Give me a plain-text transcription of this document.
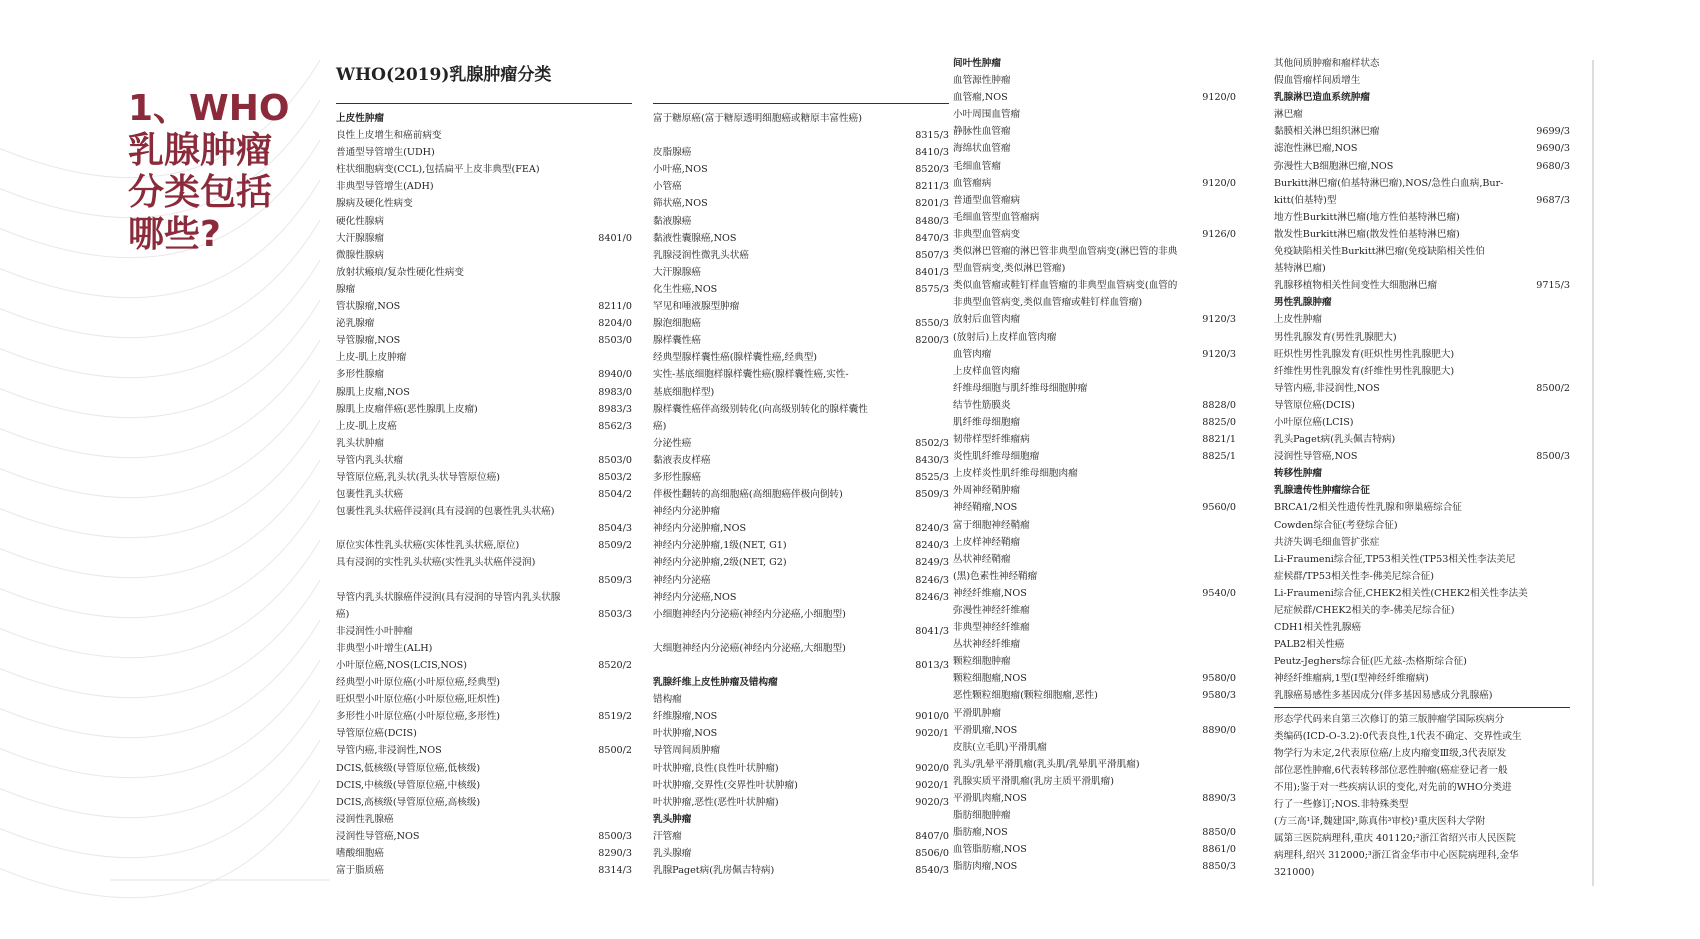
1、WHO
乳腺肿瘤
分类包括
哪些?
WHO(2019)乳腺肿瘤分类
上皮性肿瘤
良性上皮增生和癌前病变
普通型导管增生(UDH)
柱状细胞病变(CCL),包括扁平上皮非典型(FEA)
非典型导管增生(ADH)
腺病及硬化性病变
硬化性腺病
大汗腺腺瘤	8401/0
微腺性腺病
放射状瘢痕/复杂性硬化性病变
腺瘤
管状腺瘤,NOS	8211/0
泌乳腺瘤	8204/0
导管腺瘤,NOS	8503/0
上皮-肌上皮肿瘤
多形性腺瘤	8940/0
腺肌上皮瘤,NOS	8983/0
腺肌上皮瘤伴癌(恶性腺肌上皮瘤)	8983/3
上皮-肌上皮癌	8562/3
乳头状肿瘤
导管内乳头状瘤	8503/0
导管原位癌,乳头状(乳头状导管原位癌)	8503/2
包裹性乳头状癌	8504/2
包裹性乳头状癌伴浸润(具有浸润的包裹性乳头状癌)
8504/3
原位实体性乳头状癌(实体性乳头状癌,原位)	8509/2
具有浸润的实性乳头状癌(实性乳头状癌伴浸润)
8509/3
导管内乳头状腺癌伴浸润(具有浸润的导管内乳头状腺
癌)	8503/3
非浸润性小叶肿瘤
非典型小叶增生(ALH)
小叶原位癌,NOS(LCIS,NOS)	8520/2
经典型小叶原位癌(小叶原位癌,经典型)
旺炽型小叶原位癌(小叶原位癌,旺炽性)
多形性小叶原位癌(小叶原位癌,多形性)	8519/2
导管原位癌(DCIS)
导管内癌,非浸润性,NOS	8500/2
DCIS,低核级(导管原位癌,低核级)
DCIS,中核级(导管原位癌,中核级)
DCIS,高核级(导管原位癌,高核级)
浸润性乳腺癌
浸润性导管癌,NOS	8500/3
嗜酸细胞癌	8290/3
富于脂质癌	8314/3
富于糖原癌(富于糖原透明细胞癌或糖原丰富性癌)
8315/3
皮脂腺癌	8410/3
小叶癌,NOS	8520/3
小管癌	8211/3
筛状癌,NOS	8201/3
黏液腺癌	8480/3
黏液性囊腺癌,NOS	8470/3
乳腺浸润性微乳头状癌	8507/3
大汗腺腺癌	8401/3
化生性癌,NOS	8575/3
罕见和唾液腺型肿瘤
腺泡细胞癌	8550/3
腺样囊性癌	8200/3
经典型腺样囊性癌(腺样囊性癌,经典型)
实性-基底细胞样腺样囊性癌(腺样囊性癌,实性-
基底细胞样型)
腺样囊性癌伴高级别转化(向高级别转化的腺样囊性
癌)
分泌性癌	8502/3
黏液表皮样癌	8430/3
多形性腺癌	8525/3
伴极性翻转的高细胞癌(高细胞癌伴极向倒转)	8509/3
神经内分泌肿瘤
神经内分泌肿瘤,NOS	8240/3
神经内分泌肿瘤,1级(NET, G1)	8240/3
神经内分泌肿瘤,2级(NET, G2)	8249/3
神经内分泌癌	8246/3
神经内分泌癌,NOS	8246/3
小细胞神经内分泌癌(神经内分泌癌,小细胞型)
8041/3
大细胞神经内分泌癌(神经内分泌癌,大细胞型)
8013/3
乳腺纤维上皮性肿瘤及错构瘤
错构瘤
纤维腺瘤,NOS	9010/0
叶状肿瘤,NOS	9020/1
导管周间质肿瘤
叶状肿瘤,良性(良性叶状肿瘤)	9020/0
叶状肿瘤,交界性(交界性叶状肿瘤)	9020/1
叶状肿瘤,恶性(恶性叶状肿瘤)	9020/3
乳头肿瘤
汗管瘤	8407/0
乳头腺瘤	8506/0
乳腺Paget病(乳房佩吉特病)	8540/3
间叶性肿瘤
血管源性肿瘤
血管瘤,NOS	9120/0
小叶周围血管瘤
静脉性血管瘤
海绵状血管瘤
毛细血管瘤
血管瘤病	9120/0
普通型血管瘤病
毛细血管型血管瘤病
非典型血管病变	9126/0
类似淋巴管瘤的淋巴管非典型血管病变(淋巴管的非典
型血管病变,类似淋巴管瘤)
类似血管瘤或鞋钉样血管瘤的非典型血管病变(血管的
非典型血管病变,类似血管瘤或鞋钉样血管瘤)
放射后血管肉瘤	9120/3
(放射后)上皮样血管肉瘤
血管肉瘤	9120/3
上皮样血管肉瘤
纤维母细胞与肌纤维母细胞肿瘤
结节性筋膜炎	8828/0
肌纤维母细胞瘤	8825/0
韧带样型纤维瘤病	8821/1
炎性肌纤维母细胞瘤	8825/1
上皮样炎性肌纤维母细胞肉瘤
外周神经鞘肿瘤
神经鞘瘤,NOS	9560/0
富于细胞神经鞘瘤
上皮样神经鞘瘤
丛状神经鞘瘤
(黑)色素性神经鞘瘤
神经纤维瘤,NOS	9540/0
弥漫性神经纤维瘤
非典型神经纤维瘤
丛状神经纤维瘤
颗粒细胞肿瘤
颗粒细胞瘤,NOS	9580/0
恶性颗粒细胞瘤(颗粒细胞瘤,恶性)	9580/3
平滑肌肿瘤
平滑肌瘤,NOS	8890/0
皮肤(立毛肌)平滑肌瘤
乳头/乳晕平滑肌瘤(乳头肌/乳晕肌平滑肌瘤)
乳腺实质平滑肌瘤(乳房主质平滑肌瘤)
平滑肌肉瘤,NOS	8890/3
脂肪细胞肿瘤
脂肪瘤,NOS	8850/0
血管脂肪瘤,NOS	8861/0
脂肪肉瘤,NOS	8850/3
其他间质肿瘤和瘤样状态
假血管瘤样间质增生
乳腺淋巴造血系统肿瘤
淋巴瘤
黏膜相关淋巴组织淋巴瘤	9699/3
滤泡性淋巴瘤,NOS	9690/3
弥漫性大B细胞淋巴瘤,NOS	9680/3
Burkitt淋巴瘤(伯基特淋巴瘤),NOS/急性白血病,Bur-
kitt(伯基特)型	9687/3
地方性Burkitt淋巴瘤(地方性伯基特淋巴瘤)
散发性Burkitt淋巴瘤(散发性伯基特淋巴瘤)
免疫缺陷相关性Burkitt淋巴瘤(免疫缺陷相关性伯
基特淋巴瘤)
乳腺移植物相关性间变性大细胞淋巴瘤	9715/3
男性乳腺肿瘤
上皮性肿瘤
男性乳腺发育(男性乳腺肥大)
旺炽性男性乳腺发育(旺炽性男性乳腺肥大)
纤维性男性乳腺发育(纤维性男性乳腺肥大)
导管内癌,非浸润性,NOS	8500/2
导管原位癌(DCIS)
小叶原位癌(LCIS)
乳头Paget病(乳头佩吉特病)
浸润性导管癌,NOS	8500/3
转移性肿瘤
乳腺遗传性肿瘤综合征
BRCA1/2相关性遗传性乳腺和卵巢癌综合征
Cowden综合征(考登综合征)
共济失调毛细血管扩张症
Li-Fraumeni综合征,TP53相关性(TP53相关性李法美尼
症候群/TP53相关性李-佛美尼综合征)
Li-Fraumeni综合征,CHEK2相关性(CHEK2相关性李法美
尼症候群/CHEK2相关的李-佛美尼综合征)
CDH1相关性乳腺癌
PALB2相关性癌
Peutz-Jeghers综合征(匹尤兹-杰格斯综合征)
神经纤维瘤病,1型(I型神经纤维瘤病)
乳腺癌易感性多基因成分(伴多基因易感成分乳腺癌)
形态学代码来自第三次修订的第三版肿瘤学国际疾病分
类编码(ICD-O-3.2):0代表良性,1代表不确定、交界性或生
物学行为未定,2代表原位癌/上皮内瘤变Ⅲ级,3代表原发
部位恶性肿瘤,6代表转移部位恶性肿瘤(癌症登记者一般
不用);鉴于对一些疾病认识的变化,对先前的WHO分类进
行了一些修订;NOS.非特殊类型
(方三高¹译,魏建国²,陈真伟³审校)¹重庆医科大学附
属第三医院病理科,重庆 401120;²浙江省绍兴市人民医院
病理科,绍兴 312000;³浙江省金华市中心医院病理科,金华
321000)
